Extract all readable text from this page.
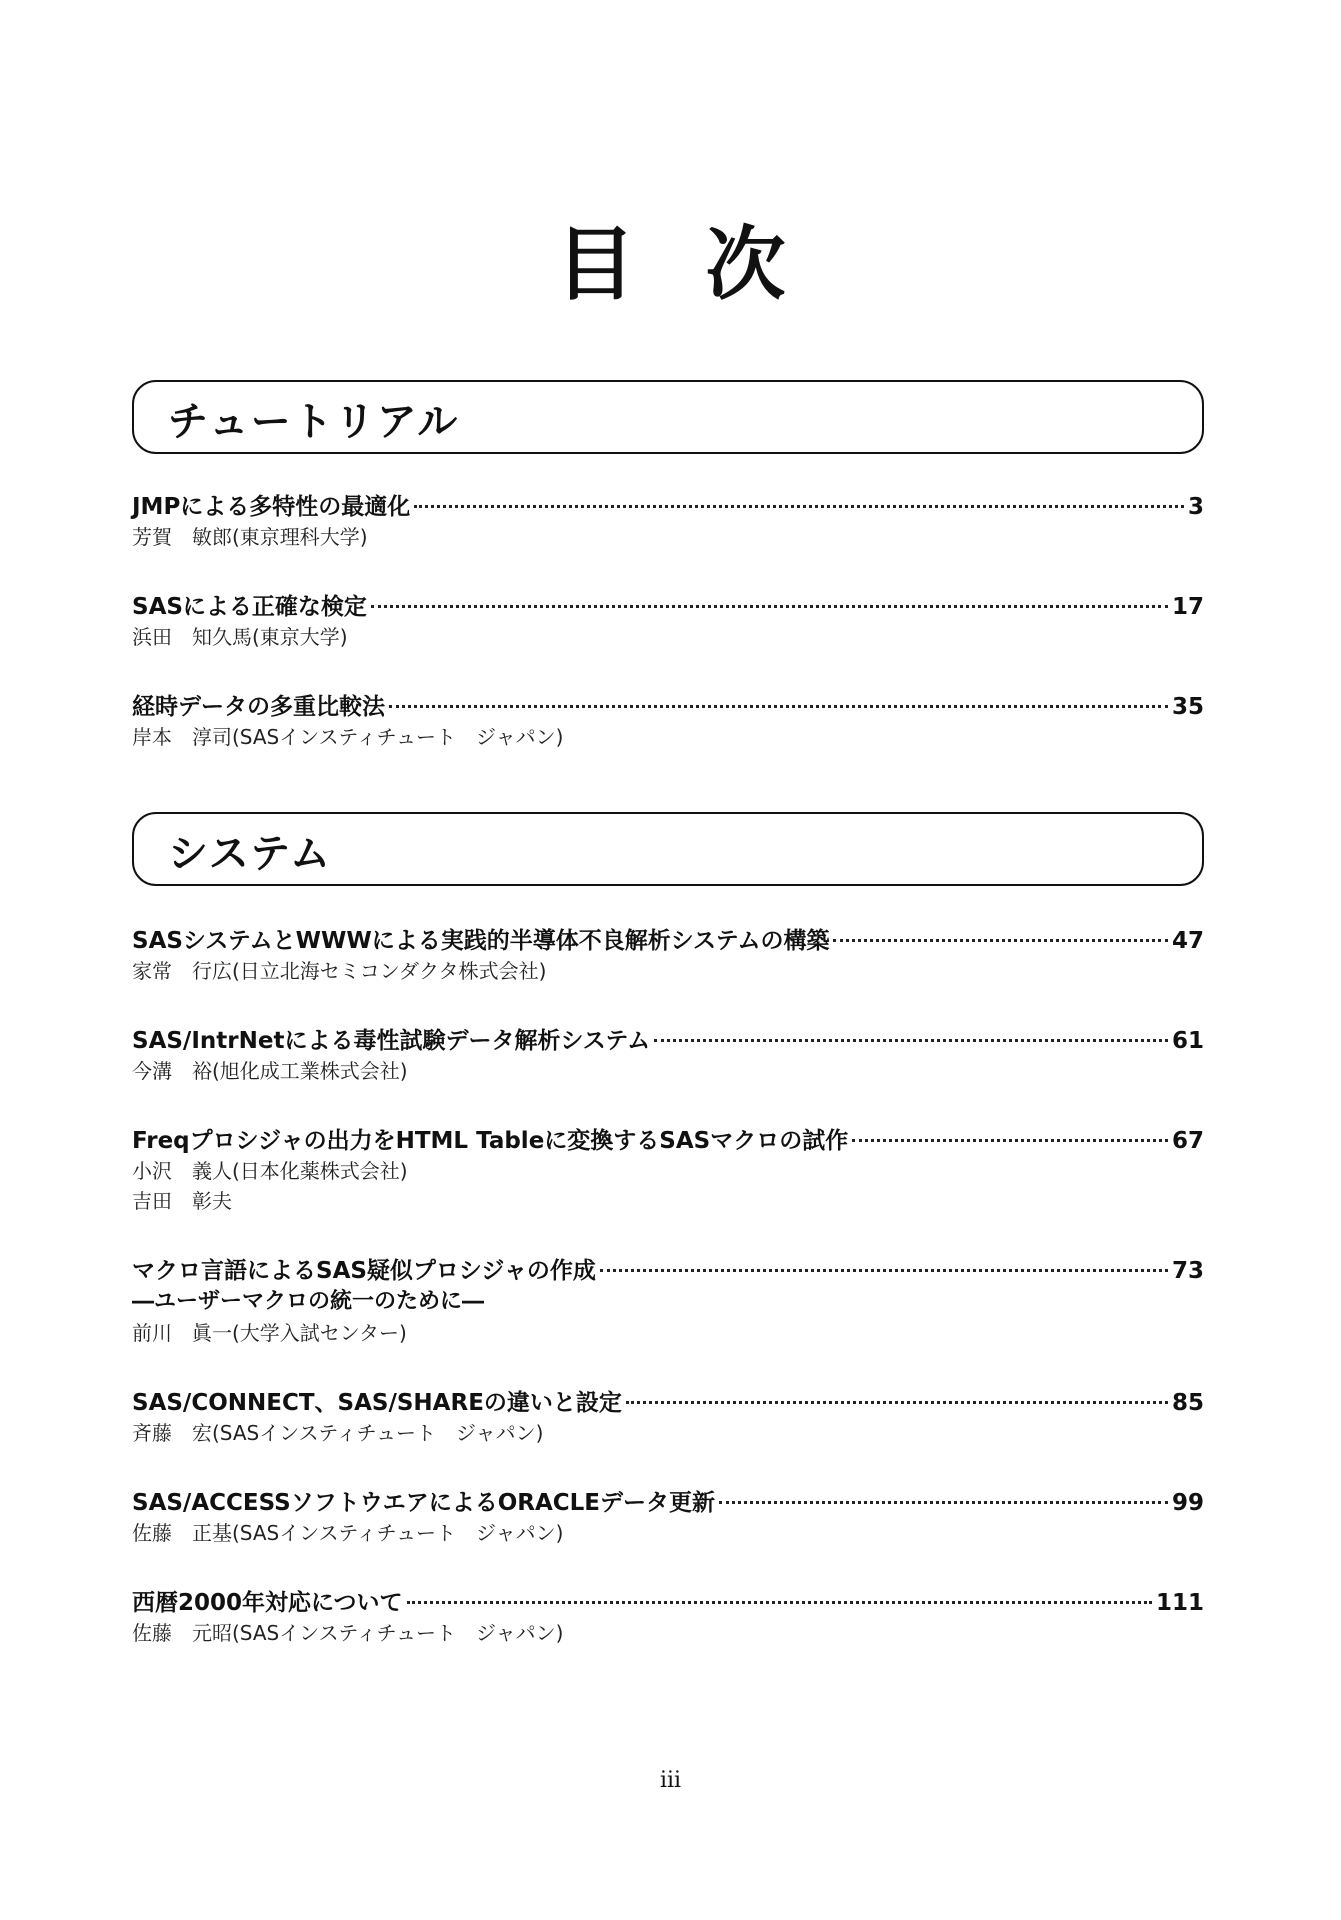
目次
チュートリアル
JMPによる多特性の最適化	3
芳賀　敏郎(東京理科大学)
SASによる正確な検定	17
浜田　知久馬(東京大学)
経時データの多重比較法	35
岸本　淳司(SASインスティチュート　ジャパン)
システム
SASシステムとWWWによる実践的半導体不良解析システムの構築	47
家常　行広(日立北海セミコンダクタ株式会社)
SAS/IntrNetによる毒性試験データ解析システム	61
今溝　裕(旭化成工業株式会社)
Freqプロシジャの出力をHTML Tableに変換するSASマクロの試作	67
小沢　義人(日本化薬株式会社)
吉田　彰夫
マクロ言語によるSAS疑似プロシジャの作成	73
―ユーザーマクロの統一のために―
前川　眞一(大学入試センター)
SAS/CONNECT、SAS/SHAREの違いと設定	85
斉藤　宏(SASインスティチュート　ジャパン)
SAS/ACCESSソフトウエアによるORACLEデータ更新	99
佐藤　正基(SASインスティチュート　ジャパン)
西暦2000年対応について	111
佐藤　元昭(SASインスティチュート　ジャパン)
iii
